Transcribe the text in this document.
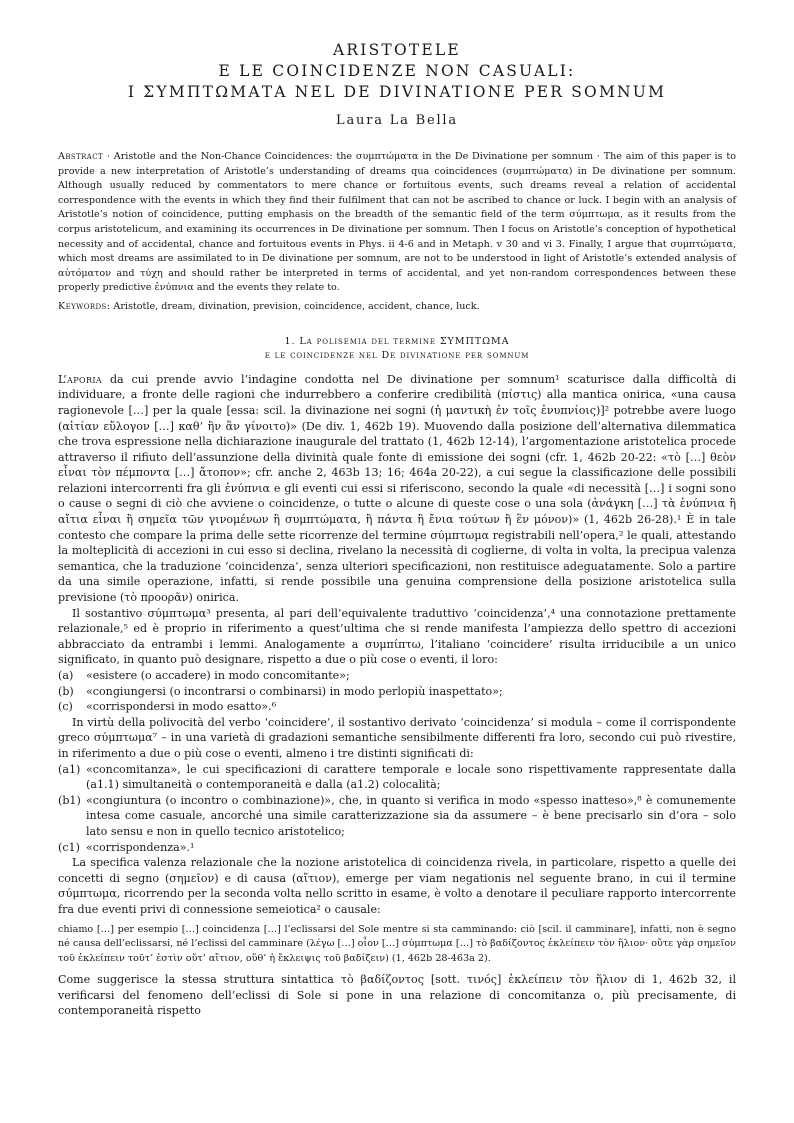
ARISTOTELE
E LE COINCIDENZE NON CASUALI:
I ΣΥΜΠΤΩΜΑΤΑ NEL DE DIVINATIONE PER SOMNUM
Laura La Bella
Abstract · Aristotle and the Non-Chance Coincidences: the συμπτώματα in the De Divinatione per somnum · The aim of this paper is to provide a new interpretation of Aristotle’s understanding of dreams qua coincidences (συμπτώματα) in De divinatione per somnum. Although usually reduced by commentators to mere chance or fortuitous events, such dreams reveal a relation of accidental correspondence with the events in which they find their fulfilment that can not be ascribed to chance or luck. I begin with an analysis of Aristotle’s notion of coincidence, putting emphasis on the breadth of the semantic field of the term σύμπτωμα, as it results from the corpus aristotelicum, and examining its occurrences in De divinatione per somnum. Then I focus on Aristotle’s conception of hypothetical necessity and of accidental, chance and fortuitous events in Phys. ii 4-6 and in Metaph. v 30 and vi 3. Finally, I argue that συμπτώματα, which most dreams are assimilated to in De divinatione per somnum, are not to be understood in light of Aristotle’s extended analysis of αὐτόματον and τύχη and should rather be interpreted in terms of accidental, and yet non-random correspondences between these properly predictive ἐνύπνια and the events they relate to.
Keywords: Aristotle, dream, divination, prevision, coincidence, accident, chance, luck.
1. La polisemia del termine ΣΥΜΠΤΩΜΑ
e le coincidenze nel De divinatione per somnum

L’aporia da cui prende avvio l’indagine condotta nel De divinatione per somnum¹ scaturisce dalla difficoltà di individuare, a fronte delle ragioni che indurrebbero a conferire credibilità (πίστις) alla mantica onirica, «una causa ragionevole […] per la quale [essa: scil. la divinazione nei sogni (ἡ μαντικὴ ἐν τοῖς ἐνυπνίοις)]² potrebbe avere luogo (αἰτίαν εὔλογον […] καθ’ ἣν ἂν γίνοιτο)» (De div. 1, 462b 19). Muovendo dalla posizione dell’alternativa dilemmatica che trova espressione nella dichiarazione inaugurale del trattato (1, 462b 12-14), l’argomentazione aristotelica procede attraverso il rifiuto dell’assunzione della divinità quale fonte di emissione dei sogni (cfr. 1, 462b 20-22: «τὸ […] θεὸν εἶναι τὸν πέμποντα […] ἄτοπον»; cfr. anche 2, 463b 13; 16; 464a 20-22), a cui segue la classificazione delle possibili relazioni intercorrenti fra gli ἐνύπνια e gli eventi cui essi si riferiscono, secondo la quale «di necessità […] i sogni sono o cause o segni di ciò che avviene o coincidenze, o tutte o alcune di queste cose o una sola (ἀνάγκη […] τὰ ἐνύπνια ἢ αἴτια εἶναι ἢ σημεῖα τῶν γινομένων ἢ συμπτώματα, ἢ πάντα ἢ ἔνια τούτων ἢ ἓν μόνον)» (1, 462b 26-28).¹ È in tale contesto che compare la prima delle sette ricorrenze del termine σύμπτωμα registrabili nell’opera,² le quali, attestando la molteplicità di accezioni in cui esso si declina, rivelano la necessità di coglierne, di volta in volta, la precipua valenza semantica, che la traduzione ‘coincidenza’, senza ulteriori specificazioni, non restituisce adeguatamente. Solo a partire da una simile operazione, infatti, si rende possibile una genuina comprensione della posizione aristotelica sulla previsione (τὸ προορᾶν) onirica.

Il sostantivo σύμπτωμα³ presenta, al pari dell’equivalente traduttivo ‘coincidenza’,⁴ una connotazione prettamente relazionale,⁵ ed è proprio in riferimento a quest’ultima che si rende manifesta l’ampiezza dello spettro di accezioni abbracciato da entrambi i lemmi. Analogamente a συμπίπτω, l’italiano ‘coincidere’ risulta irriducibile a un unico significato, in quanto può designare, rispetto a due o più cose o eventi, il loro:

(a) «esistere (o accadere) in modo concomitante»;
(b) «congiungersi (o incontrarsi o combinarsi) in modo perlopiù inaspettato»;
(c) «corrispondersi in modo esatto».⁶

In virtù della polivocità del verbo ‘coincidere’, il sostantivo derivato ‘coincidenza’ si modula – come il corrispondente greco σύμπτωμα⁷ – in una varietà di gradazioni semantiche sensibilmente differenti fra loro, secondo cui può rivestire, in riferimento a due o più cose o eventi, almeno i tre distinti significati di:

(a1) «concomitanza», le cui specificazioni di carattere temporale e locale sono rispettivamente rappresentate dalla (a1.1) simultaneità o contemporaneità e dalla (a1.2) colocalità;
(b1) «congiuntura (o incontro o combinazione)», che, in quanto si verifica in modo «spesso inatteso»,⁸ è comunemente intesa come casuale, ancorché una simile caratterizzazione sia da assumere – è bene precisarlo sin d’ora – solo lato sensu e non in quello tecnico aristotelico;
(c1) «corrispondenza».¹

La specifica valenza relazionale che la nozione aristotelica di coincidenza rivela, in particolare, rispetto a quelle dei concetti di segno (σημεῖον) e di causa (αἴτιον), emerge per viam negationis nel seguente brano, in cui il termine σύμπτωμα, ricorrendo per la seconda volta nello scritto in esame, è volto a denotare il peculiare rapporto intercorrente fra due eventi privi di connessione semeiotica² o causale:

chiamo […] per esempio […] coincidenza […] l’eclissarsi del Sole mentre si sta camminando: ciò [scil. il camminare], infatti, non è segno né causa dell’eclissarsi, né l’eclissi del camminare (λέγω […] οἷον […] σύμπτωμα […] τὸ βαδίζοντος ἐκλείπειν τὸν ἥλιον· οὔτε γὰρ σημεῖον τοῦ ἐκλείπειν τοῦτ’ ἐστὶν οὔτ’ αἴτιον, οὔθ’ ἡ ἔκλειψις τοῦ βαδίζειν) (1, 462b 28-463a 2).

Come suggerisce la stessa struttura sintattica τὸ βαδίζοντος [sott. τινός] ἐκλείπειν τὸν ἥλιον di 1, 462b 32, il verificarsi del fenomeno dell’eclissi di Sole si pone in una relazione di concomitanza o, più precisamente, di contemporaneità rispetto
